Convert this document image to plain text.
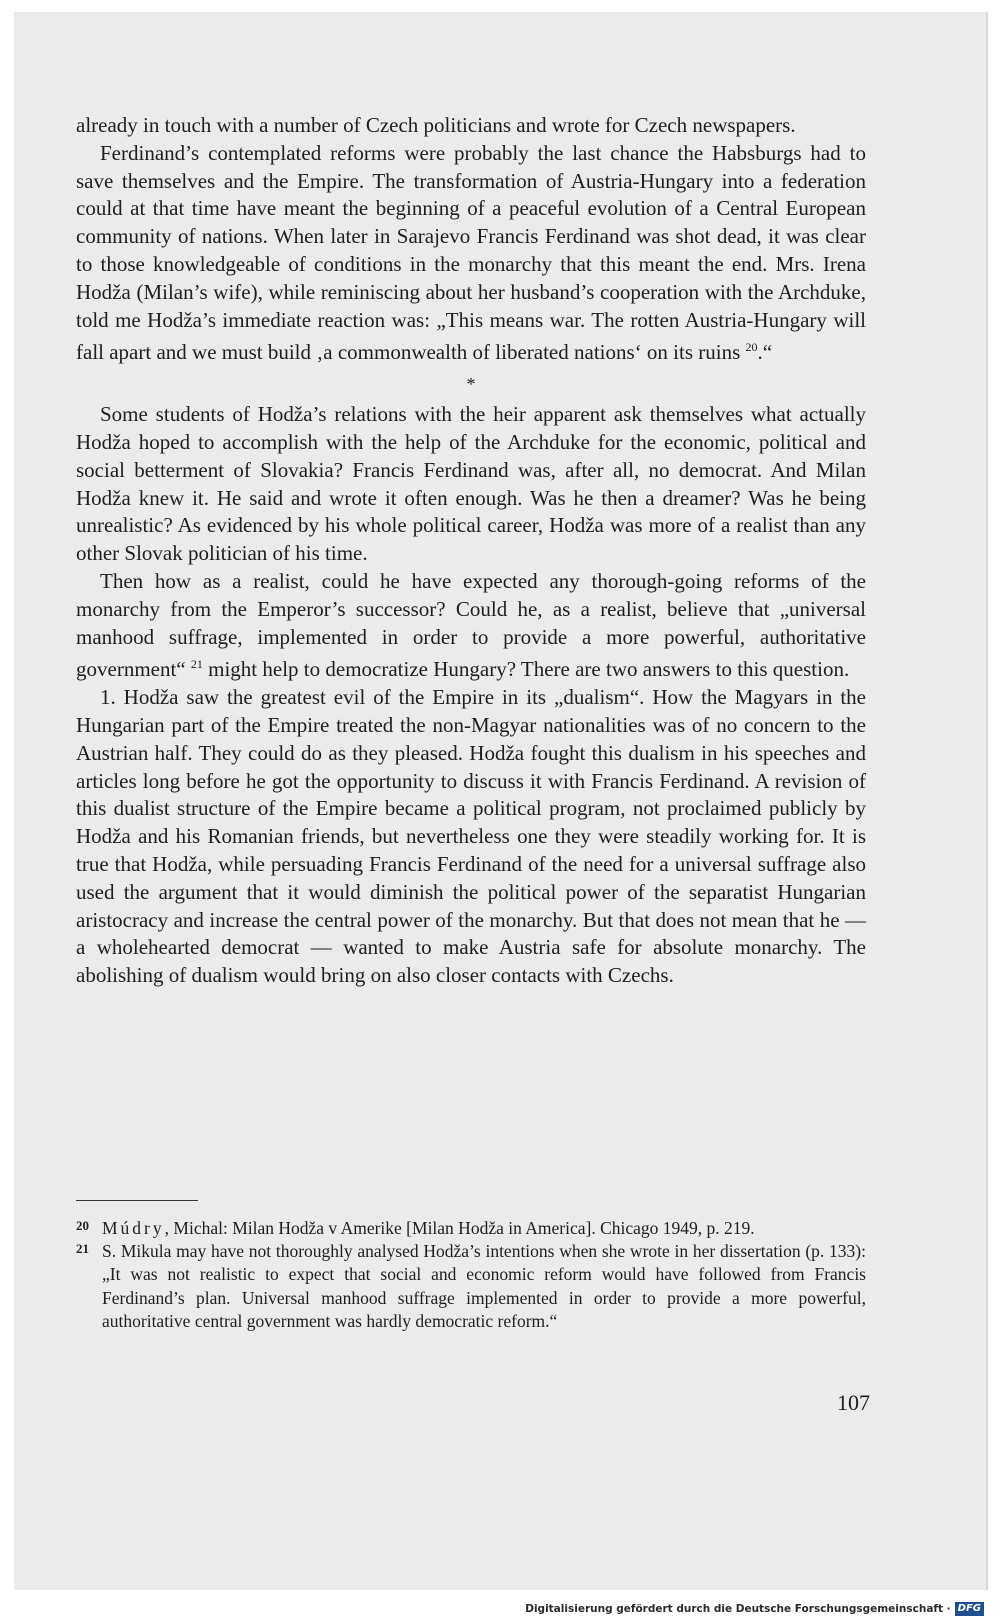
already in touch with a number of Czech politicians and wrote for Czech newspapers.

Ferdinand’s contemplated reforms were probably the last chance the Habsburgs had to save themselves and the Empire. The transformation of Austria-Hungary into a federation could at that time have meant the beginning of a peaceful evolution of a Central European community of nations. When later in Sarajevo Francis Ferdinand was shot dead, it was clear to those knowledgeable of conditions in the monarchy that this meant the end. Mrs. Irena Hodža (Milan’s wife), while reminiscing about her husband’s cooperation with the Archduke, told me Hodža’s immediate reaction was: „This means war. The rotten Austria-Hungary will fall apart and we must build ‚a commonwealth of liberated nations‘ on its ruins $^{20}$.“

*

Some students of Hodža’s relations with the heir apparent ask themselves what actually Hodža hoped to accomplish with the help of the Archduke for the economic, political and social betterment of Slovakia? Francis Ferdinand was, after all, no democrat. And Milan Hodža knew it. He said and wrote it often enough. Was he then a dreamer? Was he being unrealistic? As evidenced by his whole political career, Hodža was more of a realist than any other Slovak politician of his time.

Then how as a realist, could he have expected any thorough-going reforms of the monarchy from the Emperor’s successor? Could he, as a realist, believe that „universal manhood suffrage, implemented in order to provide a more powerful, authoritative government“ $^{21}$ might help to democratize Hungary? There are two answers to this question.

1. Hodža saw the greatest evil of the Empire in its „dualism“. How the Magyars in the Hungarian part of the Empire treated the non-Magyar nationalities was of no concern to the Austrian half. They could do as they pleased. Hodža fought this dualism in his speeches and articles long before he got the opportunity to discuss it with Francis Ferdinand. A revision of this dualist structure of the Empire became a political program, not proclaimed publicly by Hodža and his Romanian friends, but nevertheless one they were steadily working for. It is true that Hodža, while persuading Francis Ferdinand of the need for a universal suffrage also used the argument that it would diminish the political power of the separatist Hungarian aristocracy and increase the central power of the monarchy. But that does not mean that he — a wholehearted democrat — wanted to make Austria safe for absolute monarchy. The abolishing of dualism would bring on also closer contacts with Czechs.

20 Múdry, Michal: Milan Hodža v Amerike [Milan Hodža in America]. Chicago 1949, p. 219.
21 S. Mikula may have not thoroughly analysed Hodža’s intentions when she wrote in her dissertation (p. 133): „It was not realistic to expect that social and economic reform would have followed from Francis Ferdinand’s plan. Universal manhood suffrage implemented in order to provide a more powerful, authoritative central government was hardly democratic reform.“
107
Digitalisierung gefördert durch die Deutsche Forschungsgemeinschaft · DFG
